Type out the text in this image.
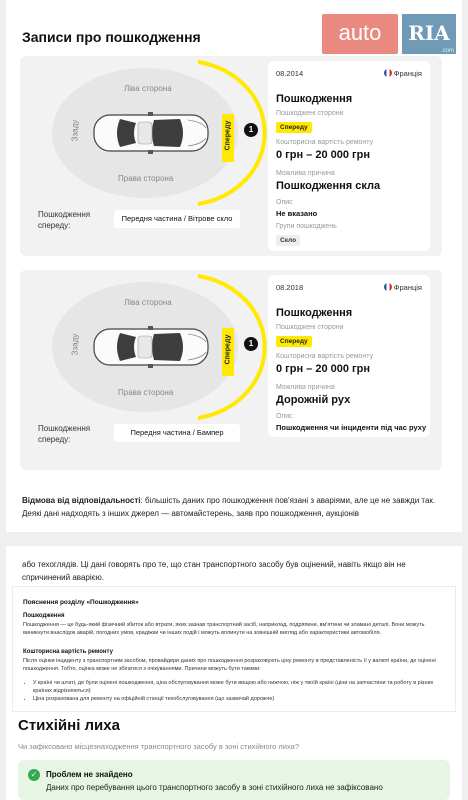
Записи про пошкодження	auto	RIA
.com
Ліва сторона
Права сторона
Ззаду	Спереду	1
Пошкодження спереду:
Передня частина / Вітрове скло
08.2014	Франція
Пошкодження
Пошкоджені сторони
Спереду
Кошторисна вартість ремонту
0 грн – 20 000 грн
Можлива причина
Пошкодження скла
Опис
Не вказано
Групи пошкоджень
Скло
Ліва сторона
Права сторона
Ззаду	Спереду	1
Пошкодження спереду:
Передня частина / Бампер
08.2018	Франція
Пошкодження
Пошкоджені сторони
Спереду
Кошторисна вартість ремонту
0 грн – 20 000 грн
Можлива причина
Дорожній рух
Опис
Пошкодження чи інциденти під час руху
Відмова від відповідальності: більшість даних про пошкодження пов'язані з аваріями, але це не завжди так. Деякі дані надходять з інших джерел — автомайстерень, заяв про пошкодження, аукціонів
або техоглядів. Ці дані говорять про те, що стан транспортного засобу був оцінений, навіть якщо він не спричинений аварією.
Пояснення розділу «Пошкодження»
Пошкодження
Пошкодження — це будь-який фізичний збиток або втрати, яких зазнав транспортний засіб, наприклад, подряпини, вм'ятини чи зламані деталі. Вони можуть виникнути внаслідок аварій, погодних умов, крадіжки чи інших подій і можуть вплинути на зовнішній вигляд або характеристики автомобіля.
Кошторисна вартість ремонту
Після оцінки інциденту з транспортним засобом, провайдери даних про пошкодження розраховують ціну ремонту в представленість її у валюті країни, де оцінені пошкодження. Тобто, оцінка може не збігатися з очікуваннями. Причини можуть бути такими:
• У країні чи штаті, де були оцінені пошкодження, ціна обслуговування може бути вищою або нижчою, ніж у твоїй країні (ціни на запчастини та роботу в різних країнах відрізняються)
• Ціна розрахована для ремонту на офіційній станції техобслуговування (що зазвичай дорожче)
Стихійні лиха
Чи зафіксовано місцезнаходження транспортного засобу в зоні стихійного лиха?
✓	Проблем не знайдено
Даних про перебування цього транспортного засобу в зоні стихійного лиха не зафіксовано
